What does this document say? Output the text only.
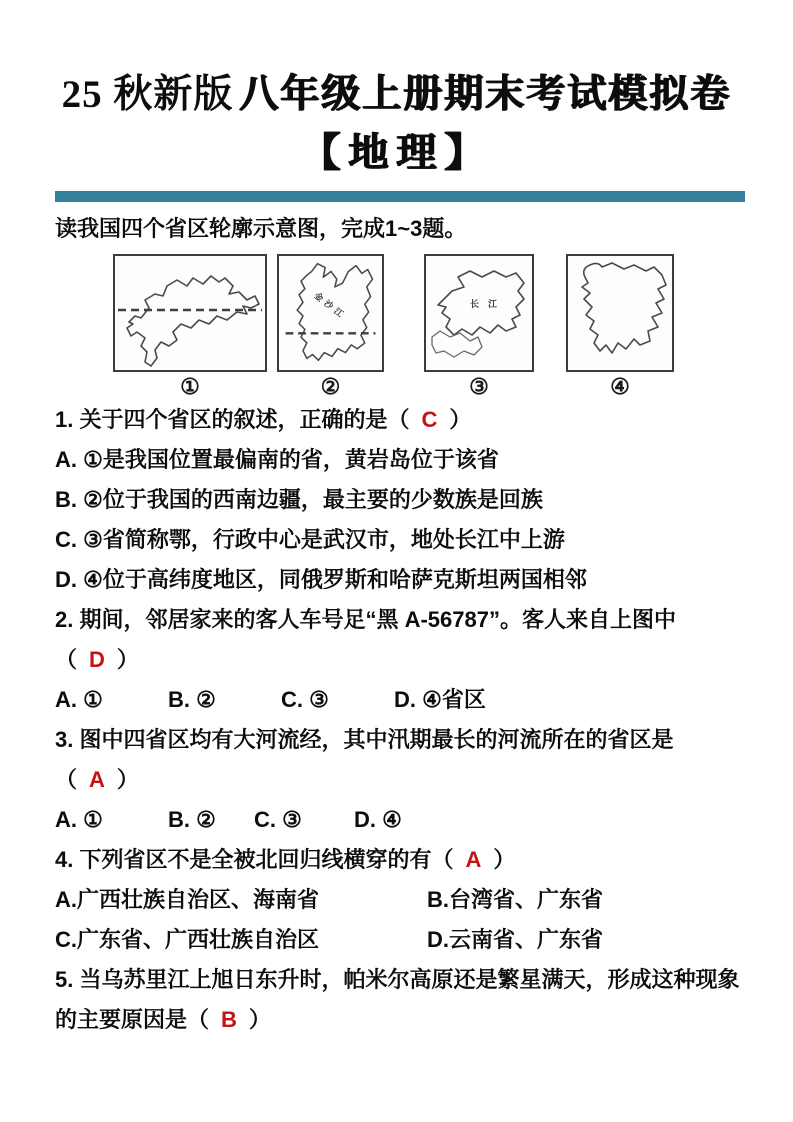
25 秋新版 八年级上册期末考试模拟卷
【地理】

读我国四个省区轮廓示意图，完成1~3题。

①
金沙江
②
长江
③	④

1. 关于四个省区的叙述，正确的是（ C ）

A. ①是我国位置最偏南的省，黄岩岛位于该省

B. ②位于我国的西南边疆，最主要的少数族是回族

C. ③省简称鄂，行政中心是武汉市，地处长江中上游

D. ④位于高纬度地区，同俄罗斯和哈萨克斯坦两国相邻

2. 期间，邻居家来的客人车号足“黑 A-56787”。客人来自上图中（ D ）

A. ①	B. ②	C. ③	D. ④省区

3. 图中四省区均有大河流经，其中汛期最长的河流所在的省区是（ A ）

A. ①	B. ② C. ③ D. ④

4. 下列省区不是全被北回归线横穿的有（ A ）

A.广西壮族自治区、海南省	B.台湾省、广东省

C.广东省、广西壮族自治区	D.云南省、广东省

5. 当乌苏里江上旭日东升时，帕米尔高原还是繁星满天，形成这种现象的主要原因是（ B ）
